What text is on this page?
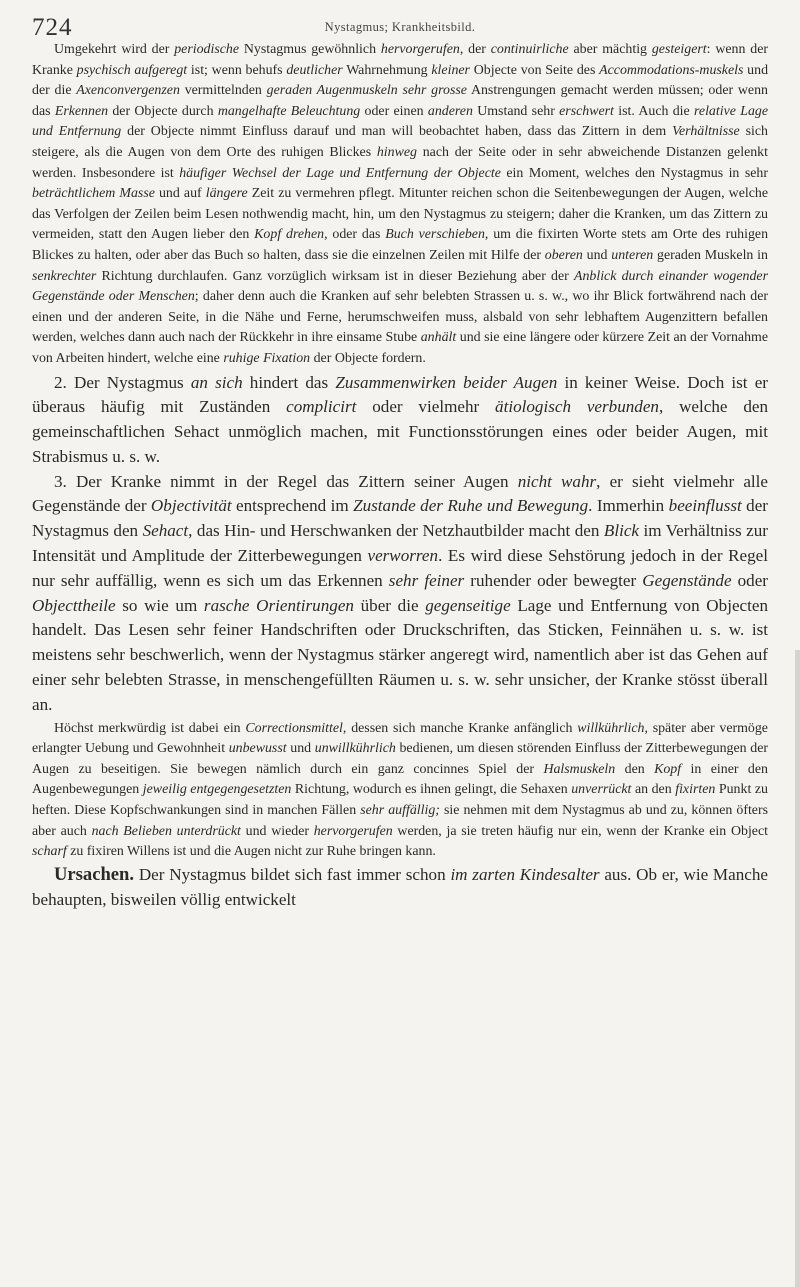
724	Nystagmus; Krankheitsbild.

Umgekehrt wird der periodische Nystagmus gewöhnlich hervorgerufen, der continuirliche aber mächtig gesteigert: wenn der Kranke psychisch aufgeregt ist; wenn behufs deutlicher Wahrnehmung kleiner Objecte von Seite des Accommodations-muskels und der die Axenconvergenzen vermittelnden geraden Augenmuskeln sehr grosse Anstrengungen gemacht werden müssen; oder wenn das Erkennen der Objecte durch mangelhafte Beleuchtung oder einen anderen Umstand sehr erschwert ist. Auch die relative Lage und Entfernung der Objecte nimmt Einfluss darauf und man will beobachtet haben, dass das Zittern in dem Verhältnisse sich steigere, als die Augen von dem Orte des ruhigen Blickes hinweg nach der Seite oder in sehr abweichende Distanzen gelenkt werden. Insbesondere ist häufiger Wechsel der Lage und Entfernung der Objecte ein Moment, welches den Nystagmus in sehr beträchtlichem Masse und auf längere Zeit zu vermehren pflegt. Mitunter reichen schon die Seitenbewegungen der Augen, welche das Verfolgen der Zeilen beim Lesen nothwendig macht, hin, um den Nystagmus zu steigern; daher die Kranken, um das Zittern zu vermeiden, statt den Augen lieber den Kopf drehen, oder das Buch verschieben, um die fixirten Worte stets am Orte des ruhigen Blickes zu halten, oder aber das Buch so halten, dass sie die einzelnen Zeilen mit Hilfe der oberen und unteren geraden Muskeln in senkrechter Richtung durchlaufen. Ganz vorzüglich wirksam ist in dieser Beziehung aber der Anblick durch einander wogender Gegenstände oder Menschen; daher denn auch die Kranken auf sehr belebten Strassen u. s. w., wo ihr Blick fortwährend nach der einen und der anderen Seite, in die Nähe und Ferne, herumschweifen muss, alsbald von sehr lebhaftem Augenzittern befallen werden, welches dann auch nach der Rückkehr in ihre einsame Stube anhält und sie eine längere oder kürzere Zeit an der Vornahme von Arbeiten hindert, welche eine ruhige Fixation der Objecte fordern.

2. Der Nystagmus an sich hindert das Zusammenwirken beider Augen in keiner Weise. Doch ist er überaus häufig mit Zuständen complicirt oder vielmehr ätiologisch verbunden, welche den gemeinschaftlichen Sehact unmöglich machen, mit Functionsstörungen eines oder beider Augen, mit Strabismus u. s. w.

3. Der Kranke nimmt in der Regel das Zittern seiner Augen nicht wahr, er sieht vielmehr alle Gegenstände der Objectivität entsprechend im Zustande der Ruhe und Bewegung. Immerhin beeinflusst der Nystagmus den Sehact, das Hin- und Herschwanken der Netzhautbilder macht den Blick im Verhältniss zur Intensität und Amplitude der Zitterbewegungen verworren. Es wird diese Sehstörung jedoch in der Regel nur sehr auffällig, wenn es sich um das Erkennen sehr feiner ruhender oder bewegter Gegenstände oder Objecttheile so wie um rasche Orientirungen über die gegenseitige Lage und Entfernung von Objecten handelt. Das Lesen sehr feiner Handschriften oder Druckschriften, das Sticken, Feinnähen u. s. w. ist meistens sehr beschwerlich, wenn der Nystagmus stärker angeregt wird, namentlich aber ist das Gehen auf einer sehr belebten Strasse, in menschengefüllten Räumen u. s. w. sehr unsicher, der Kranke stösst überall an.

Höchst merkwürdig ist dabei ein Correctionsmittel, dessen sich manche Kranke anfänglich willkührlich, später aber vermöge erlangter Uebung und Gewohnheit unbewusst und unwillkührlich bedienen, um diesen störenden Einfluss der Zitterbewegungen der Augen zu beseitigen. Sie bewegen nämlich durch ein ganz concinnes Spiel der Halsmuskeln den Kopf in einer den Augenbewegungen jeweilig entgegengesetzten Richtung, wodurch es ihnen gelingt, die Sehaxen unverrückt an den fixirten Punkt zu heften. Diese Kopfschwankungen sind in manchen Fällen sehr auffällig; sie nehmen mit dem Nystagmus ab und zu, können öfters aber auch nach Belieben unterdrückt und wieder hervorgerufen werden, ja sie treten häufig nur ein, wenn der Kranke ein Object scharf zu fixiren Willens ist und die Augen nicht zur Ruhe bringen kann.

Ursachen. Der Nystagmus bildet sich fast immer schon im zarten Kindesalter aus. Ob er, wie Manche behaupten, bisweilen völlig entwickelt
